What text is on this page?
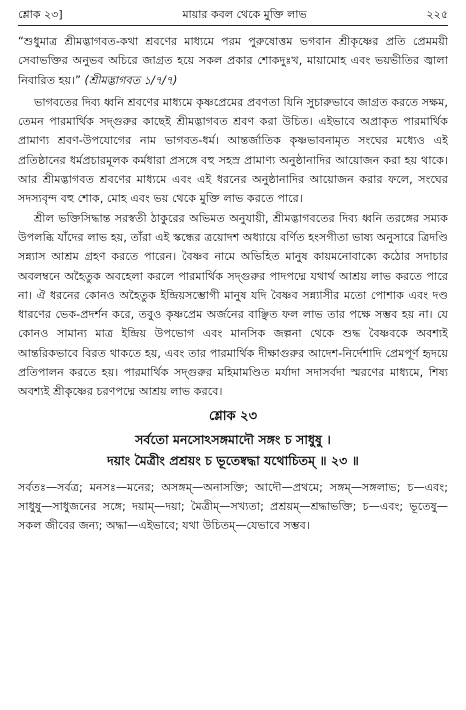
শ্লোক ২৩]	মায়ার কবল থেকে মুক্তি লাভ	২২৫

“শুধুমাত্র শ্রীমদ্ভাগবত-কথা শ্রবণের মাধ্যমে পরম পুরুষোত্তম ভগবান শ্রীকৃষ্ণের প্রতি প্রেমময়ী সেবাভক্তির অনুভব অচিরে জাগ্রত হয়ে সকল প্রকার শোকদুঃখ, মায়ামোহ এবং ভয়ভীতির জ্বালা নিবারিত হয়।” (শ্রীমদ্ভাগবত ১/৭/৭)

ভাগবতের দিব্য ধ্বনি শ্রবণের মাধ্যমে কৃষ্ণপ্রেমের প্রবণতা যিনি সুচারুভাবে জাগ্রত করতে সক্ষম, তেমন পারমার্থিক সদ্গুরুর কাছেই শ্রীমদ্ভাগবত শ্রবণ করা উচিত। এইভাবে অপ্রাকৃত পারমার্থিক প্রামাণ্য শ্রবণ-উপযোগের নাম ভাগবত-ধর্ম। আন্তর্জাতিক কৃষ্ণভাবনামৃত সংঘের মধ্যেও এই প্রতিষ্ঠানের ধর্মপ্রচারমূলক কর্মধারা প্রসঙ্গে বহু সহস্র প্রামাণ্য অনুষ্ঠানাদির আয়োজন করা হয় থাকে। আর শ্রীমদ্ভাগবত শ্রবণের মাধ্যমে এবং এই ধরনের অনুষ্ঠানাদির আয়োজন করার ফলে, সংঘের সদস্যবৃন্দ বহু শোক, মোহ এবং ভয় থেকে মুক্তি লাভ করতে পারে।

শ্রীল ভক্তিসিদ্ধান্ত সরস্বতী ঠাকুরের অভিমত অনুযায়ী, শ্রীমদ্ভাগবতের দিব্য ধ্বনি তরঙ্গের সম্যক উপলব্ধি যাঁদের লাভ হয়, তাঁরা এই স্কন্ধের ত্রয়োদশ অধ্যায়ে বর্ণিত হংসগীতা ভাষ্য অনুসারে ত্রিদণ্ডি সন্ন্যাস আশ্রম গ্রহণ করতে পারেন। বৈষ্ণব নামে অভিহিত মানুষ কায়মনোবাক্যে কঠোর সদাচার অবলম্বনে অহৈতুক অবহেলা করলে পারমার্থিক সদ্গুরুর পাদপদ্মে যথার্থ আশ্রয় লাভ করতে পারে না। ঐ ধরনের কোনও অহৈতুক ইন্দ্রিয়সম্ভোগী মানুষ যদি বৈষ্ণব সন্ন্যাসীর মতো পোশাক এবং দণ্ড ধারণের ভেক-প্রদর্শন করে, তবুও কৃষ্ণপ্রেম অর্জনের বাঞ্ছিত ফল লাভ তার পক্ষে সম্ভব হয় না। যে কোনও সামান্য মাত্র ইন্দ্রিয় উপভোগ এবং মানসিক জল্পনা থেকে শুদ্ধ বৈষ্ণবকে অবশ্যই আন্তরিকভাবে বিরত থাকতে হয়, এবং তার পারমার্থিক দীক্ষাগুরুর আদেশ-নির্দেশাদি প্রেমপূর্ণ হৃদয়ে প্রতিপালন করতে হয়। পারমার্থিক সদ্গুরুর মহিমামণ্ডিত মর্যাদা সদাসর্বদা স্মরণের মাধ্যমে, শিষ্য অবশ্যই শ্রীকৃষ্ণের চরণপদ্মে আশ্রয় লাভ করবে।

শ্লোক ২৩
সর্বতো মনসোঽসঙ্গমাদৌ সঙ্গং চ সাধুষু ।
দয়াং মৈত্রীং প্রশ্রয়ং চ ভূতেষ্বদ্ধা যথোচিতম্‌ ॥ ২৩ ॥

সর্বতঃ—সর্বত্র; মনসঃ—মনের; অসঙ্গম্—অনাসক্তি; আদৌ—প্রথমে; সঙ্গম্—সঙ্গলাভ; চ—এবং; সাধুষু—সাধুজনের সঙ্গে; দয়াম্—দয়া; মৈত্রীম্—সখ্যতা; প্রশ্রয়ম্—শ্রদ্ধাভক্তি; চ—এবং; ভূতেষু—সকল জীবের জন্য; অদ্ধা—এইভাবে; যথা উচিতম্—যেভাবে সম্ভব।
